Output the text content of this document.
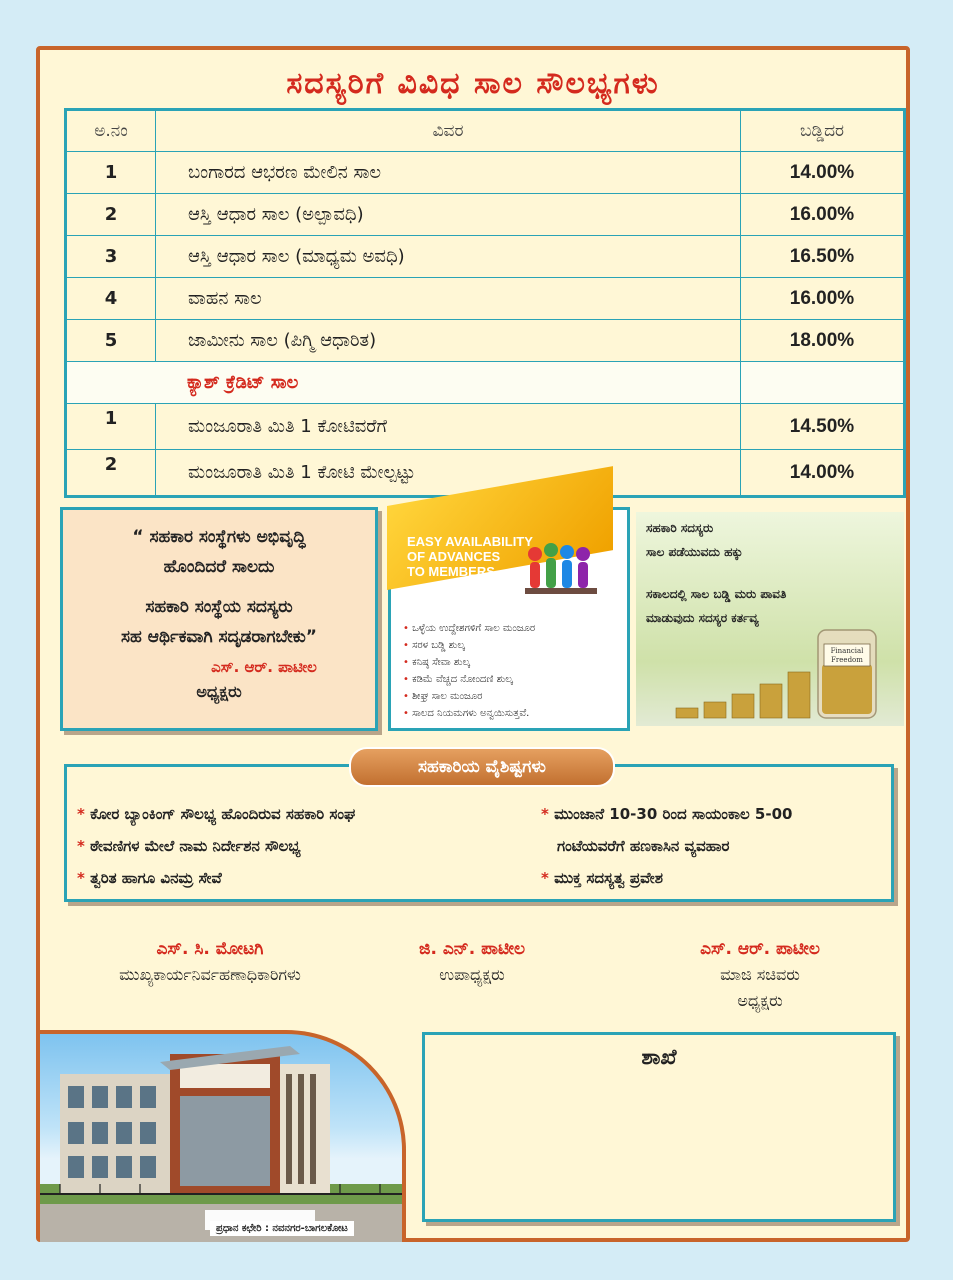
ಸದಸ್ಯರಿಗೆ ವಿವಿಧ ಸಾಲ ಸೌಲಭ್ಯಗಳು
ಅ.ನಂ	ವಿವರ	ಬಡ್ಡಿದರ
1	ಬಂಗಾರದ ಆಭರಣ ಮೇಲಿನ ಸಾಲ	14.00%
2	ಆಸ್ತಿ ಆಧಾರ ಸಾಲ (ಅಲ್ಪಾವಧಿ)	16.00%
3	ಆಸ್ತಿ ಆಧಾರ ಸಾಲ (ಮಾಧ್ಯಮ ಅವಧಿ)	16.50%
4	ವಾಹನ ಸಾಲ	16.00%
5	ಜಾಮೀನು ಸಾಲ (ಪಿಗ್ಮಿ ಆಧಾರಿತ)	18.00%
ಕ್ಯಾಶ್ ಕ್ರೆಡಿಟ್ ಸಾಲ		
1	ಮಂಜೂರಾತಿ ಮಿತಿ 1 ಕೋಟಿವರೆಗೆ	14.50%
2	ಮಂಜೂರಾತಿ ಮಿತಿ 1 ಕೋಟಿ ಮೇಲ್ಪಟ್ಟು	14.00%
“ ಸಹಕಾರ ಸಂಸ್ಥೆಗಳು ಅಭಿವೃದ್ಧಿ
ಹೊಂದಿದರೆ ಸಾಲದು
ಸಹಕಾರಿ ಸಂಸ್ಥೆಯ ಸದಸ್ಯರು
ಸಹ ಆರ್ಥಿಕವಾಗಿ ಸದೃಡರಾಗಬೇಕು”
ಎಸ್. ಆರ್. ಪಾಟೀಲ
ಅಧ್ಯಕ್ಷರು
EASY AVAILABILITY
OF ADVANCES
TO MEMBERS
• ಒಳ್ಳೆಯ ಉದ್ದೇಶಗಳಿಗೆ ಸಾಲ ಮಂಜೂರ
• ಸರಳ ಬಡ್ಡಿ ಶುಲ್ಕ
• ಕನಿಷ್ಠ ಸೇವಾ ಶುಲ್ಕ
• ಕಡಿಮೆ ವೆಚ್ಚದ ನೋಂದಣಿ ಶುಲ್ಕ
• ಶೀಘ್ರ ಸಾಲ ಮಂಜೂರ
• ಸಾಲದ ನಿಯಮಗಳು ಅನ್ವಯಿಸುತ್ತವೆ.
ಸಹಕಾರಿ ಸದಸ್ಯರು
ಸಾಲ ಪಡೆಯುವದು ಹಕ್ಕು
ಸಕಾಲದಲ್ಲಿ ಸಾಲ ಬಡ್ಡಿ ಮರು ಪಾವತಿ
ಮಾಡುವುದು ಸದಸ್ಯರ ಕರ್ತವ್ಯ
Financial
Freedom
ಸಹಕಾರಿಯ ವೈಶಿಷ್ಟಗಳು
* ಕೋರ ಬ್ಯಾಂಕಿಂಗ್ ಸೌಲಭ್ಯ ಹೊಂದಿರುವ ಸಹಕಾರಿ ಸಂಘ
* ಠೇವಣಿಗಳ ಮೇಲೆ ನಾಮ ನಿರ್ದೇಶನ ಸೌಲಭ್ಯ
* ತ್ವರಿತ ಹಾಗೂ ವಿನಮ್ರ ಸೇವೆ
* ಮುಂಜಾನೆ 10-30 ರಿಂದ ಸಾಯಂಕಾಲ 5-00
ಗಂಟೆಯವರೆಗೆ ಹಣಕಾಸಿನ ವ್ಯವಹಾರ
* ಮುಕ್ತ ಸದಸ್ಯತ್ವ ಪ್ರವೇಶ
ಎಸ್. ಸಿ. ಮೋಟಗಿ
ಮುಖ್ಯಕಾರ್ಯನಿರ್ವಹಣಾಧಿಕಾರಿಗಳು
ಜಿ. ಎನ್. ಪಾಟೀಲ
ಉಪಾಧ್ಯಕ್ಷರು
ಎಸ್. ಆರ್. ಪಾಟೀಲ
ಮಾಜಿ ಸಚಿವರು
ಅಧ್ಯಕ್ಷರು
ಪ್ರಧಾನ ಕಛೇರಿ : ನವನಗರ-ಬಾಗಲಕೋಟ
ಶಾಖೆ
